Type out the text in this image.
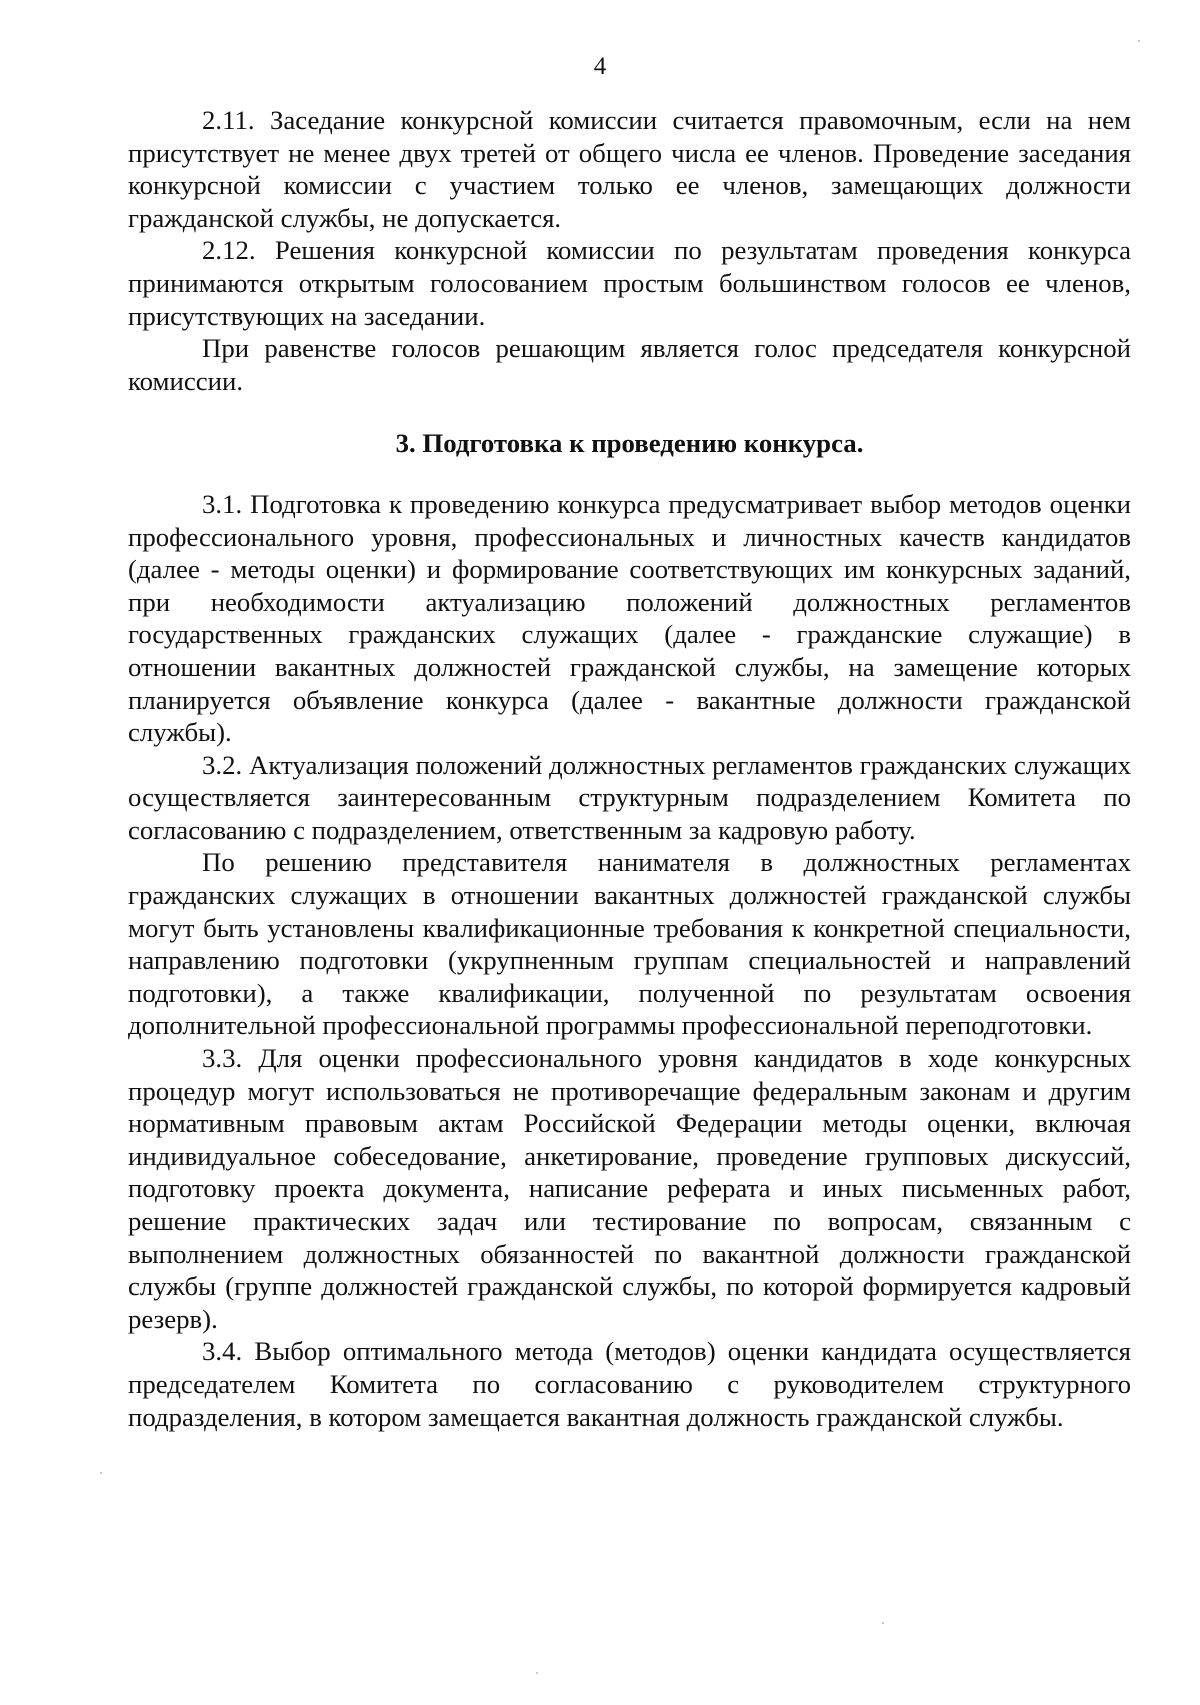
4

2.11. Заседание конкурсной комиссии считается правомочным, если на нем присутствует не менее двух третей от общего числа ее членов. Проведение заседания конкурсной комиссии с участием только ее членов, замещающих должности гражданской службы, не допускается.

2.12. Решения конкурсной комиссии по результатам проведения конкурса принимаются открытым голосованием простым большинством голосов ее членов, присутствующих на заседании.

При равенстве голосов решающим является голос председателя конкурсной комиссии.

3. Подготовка к проведению конкурса.

3.1. Подготовка к проведению конкурса предусматривает выбор методов оценки профессионального уровня, профессиональных и личностных качеств кандидатов (далее - методы оценки) и формирование соответствующих им конкурсных заданий, при необходимости актуализацию положений должностных регламентов государственных гражданских служащих (далее - гражданские служащие) в отношении вакантных должностей гражданской службы, на замещение которых планируется объявление конкурса (далее - вакантные должности гражданской службы).

3.2. Актуализация положений должностных регламентов гражданских служащих осуществляется заинтересованным структурным подразделением Комитета по согласованию с подразделением, ответственным за кадровую работу.

По решению представителя нанимателя в должностных регламентах гражданских служащих в отношении вакантных должностей гражданской службы могут быть установлены квалификационные требования к конкретной специальности, направлению подготовки (укрупненным группам специальностей и направлений подготовки), а также квалификации, полученной по результатам освоения дополнительной профессиональной программы профессиональной переподготовки.

3.3. Для оценки профессионального уровня кандидатов в ходе конкурсных процедур могут использоваться не противоречащие федеральным законам и другим нормативным правовым актам Российской Федерации методы оценки, включая индивидуальное собеседование, анкетирование, проведение групповых дискуссий, подготовку проекта документа, написание реферата и иных письменных работ, решение практических задач или тестирование по вопросам, связанным с выполнением должностных обязанностей по вакантной должности гражданской службы (группе должностей гражданской службы, по которой формируется кадровый резерв).

3.4. Выбор оптимального метода (методов) оценки кандидата осуществляется председателем Комитета по согласованию с руководителем структурного подразделения, в котором замещается вакантная должность гражданской службы.
